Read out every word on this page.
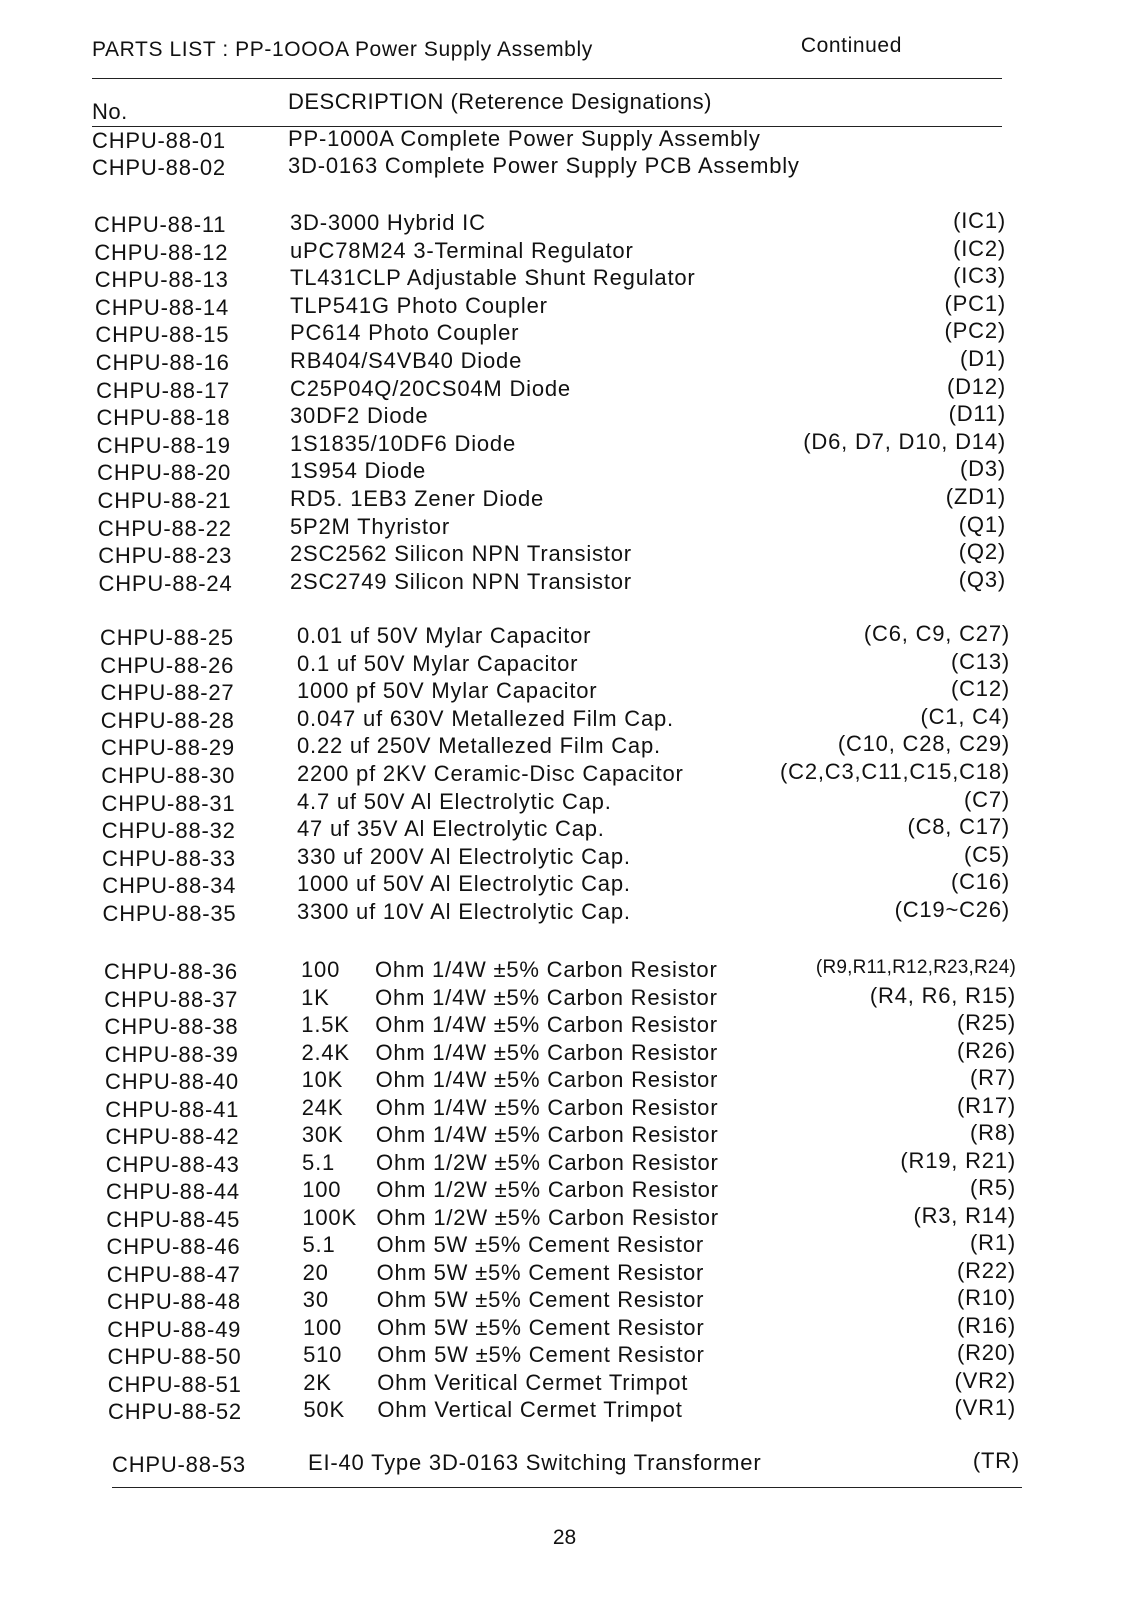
PARTS LIST : PP-1OOOA Power Supply Assembly	Continued
No.	DESCRIPTION (Reterence Designations)
CHPU-88-01	PP-1000A Complete Power Supply Assembly
CHPU-88-02	3D-0163 Complete Power Supply PCB Assembly
CHPU-88-11	3D-3000 Hybrid IC	(IC1)
CHPU-88-12	uPC78M24 3-Terminal Regulator	(IC2)
CHPU-88-13	TL431CLP Adjustable Shunt Regulator	(IC3)
CHPU-88-14	TLP541G Photo Coupler	(PC1)
CHPU-88-15	PC614 Photo Coupler	(PC2)
CHPU-88-16	RB404/S4VB40 Diode	(D1)
CHPU-88-17	C25P04Q/20CS04M Diode	(D12)
CHPU-88-18	30DF2 Diode	(D11)
CHPU-88-19	1S1835/10DF6 Diode	(D6, D7, D10, D14)
CHPU-88-20	1S954 Diode	(D3)
CHPU-88-21	RD5. 1EB3 Zener Diode	(ZD1)
CHPU-88-22	5P2M Thyristor	(Q1)
CHPU-88-23	2SC2562 Silicon NPN Transistor	(Q2)
CHPU-88-24	2SC2749 Silicon NPN Transistor	(Q3)
CHPU-88-25	0.01 uf 50V Mylar Capacitor	(C6, C9, C27)
CHPU-88-26	0.1 uf 50V Mylar Capacitor	(C13)
CHPU-88-27	1000 pf 50V Mylar Capacitor	(C12)
CHPU-88-28	0.047 uf 630V Metallezed Film Cap.	(C1, C4)
CHPU-88-29	0.22 uf 250V Metallezed Film Cap.	(C10, C28, C29)
CHPU-88-30	2200 pf 2KV Ceramic-Disc Capacitor	(C2,C3,C11,C15,C18)
CHPU-88-31	4.7 uf 50V Al Electrolytic Cap.	(C7)
CHPU-88-32	47 uf 35V Al Electrolytic Cap.	(C8, C17)
CHPU-88-33	330 uf 200V Al Electrolytic Cap.	(C5)
CHPU-88-34	1000 uf 50V Al Electrolytic Cap.	(C16)
CHPU-88-35	3300 uf 10V Al Electrolytic Cap.	(C19~C26)
CHPU-88-36	100 Ohm 1/4W ±5% Carbon Resistor	(R9,R11,R12,R23,R24)
CHPU-88-37	1K Ohm 1/4W ±5% Carbon Resistor	(R4, R6, R15)
CHPU-88-38	1.5K Ohm 1/4W ±5% Carbon Resistor	(R25)
CHPU-88-39	2.4K Ohm 1/4W ±5% Carbon Resistor	(R26)
CHPU-88-40	10K Ohm 1/4W ±5% Carbon Resistor	(R7)
CHPU-88-41	24K Ohm 1/4W ±5% Carbon Resistor	(R17)
CHPU-88-42	30K Ohm 1/4W ±5% Carbon Resistor	(R8)
CHPU-88-43	5.1 Ohm 1/2W ±5% Carbon Resistor	(R19, R21)
CHPU-88-44	100 Ohm 1/2W ±5% Carbon Resistor	(R5)
CHPU-88-45	100K Ohm 1/2W ±5% Carbon Resistor	(R3, R14)
CHPU-88-46	5.1 Ohm 5W ±5% Cement Resistor	(R1)
CHPU-88-47	20 Ohm 5W ±5% Cement Resistor	(R22)
CHPU-88-48	30 Ohm 5W ±5% Cement Resistor	(R10)
CHPU-88-49	100 Ohm 5W ±5% Cement Resistor	(R16)
CHPU-88-50	510 Ohm 5W ±5% Cement Resistor	(R20)
CHPU-88-51	2K Ohm Veritical Cermet Trimpot	(VR2)
CHPU-88-52	50K Ohm Vertical Cermet Trimpot	(VR1)
CHPU-88-53	EI-40 Type 3D-0163 Switching Transformer	(TR)
28
